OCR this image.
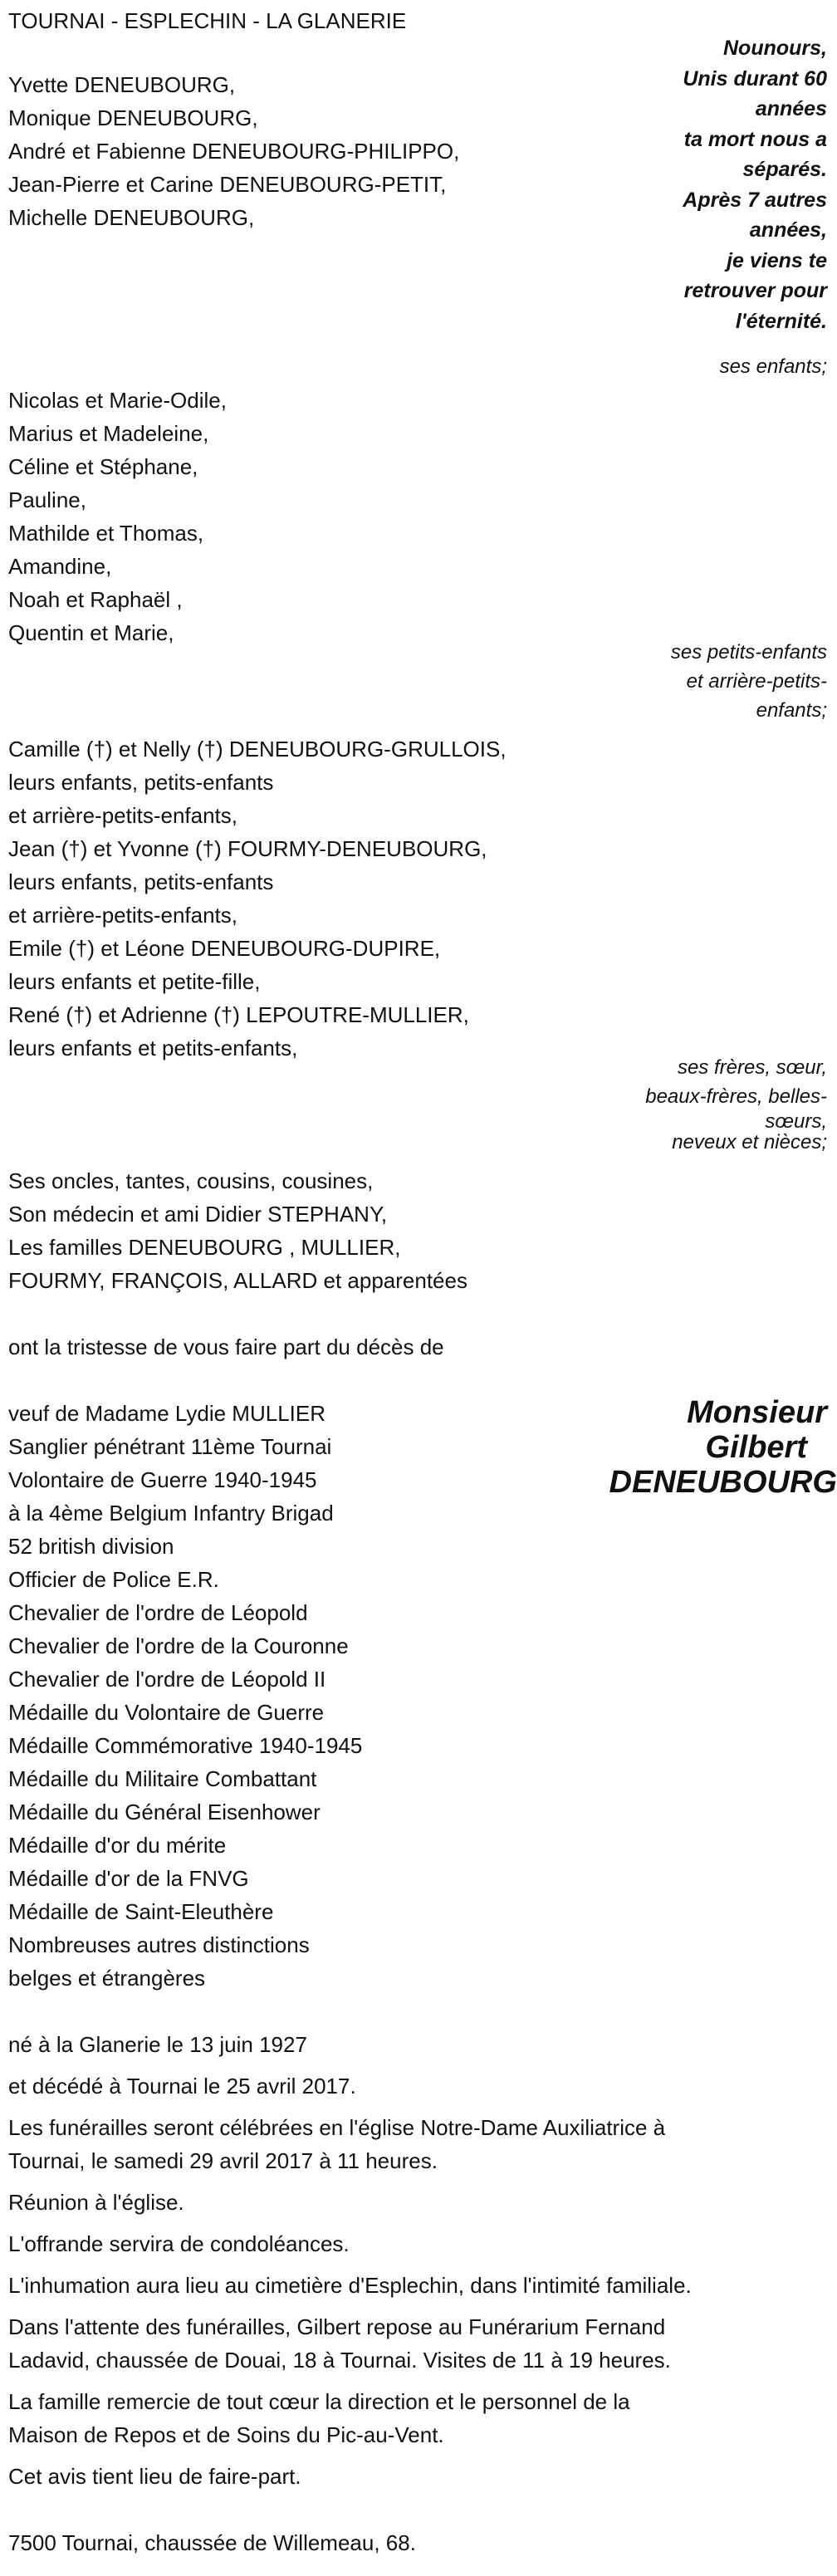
TOURNAI - ESPLECHIN - LA GLANERIE
Nounours,
Unis durant 60
années
ta mort nous a
séparés.
Après 7 autres
années,
je viens te
retrouver pour
l'éternité.
Yvette DENEUBOURG,
Monique DENEUBOURG,
André et Fabienne DENEUBOURG-PHILIPPO,
Jean-Pierre et Carine DENEUBOURG-PETIT,
Michelle DENEUBOURG,
ses enfants;
Nicolas et Marie-Odile,
Marius et Madeleine,
Céline et Stéphane,
Pauline,
Mathilde et Thomas,
Amandine,
Noah et Raphaël ,
Quentin et Marie,
ses petits-enfants
et arrière-petits-
enfants;
Camille (†) et Nelly (†) DENEUBOURG-GRULLOIS,
leurs enfants, petits-enfants
et arrière-petits-enfants,
Jean (†) et Yvonne (†) FOURMY-DENEUBOURG,
leurs enfants, petits-enfants
et arrière-petits-enfants,
Emile (†) et Léone DENEUBOURG-DUPIRE,
leurs enfants et petite-fille,
René (†) et Adrienne (†) LEPOUTRE-MULLIER,
leurs enfants et petits-enfants,
ses frères, sœur,
beaux-frères, belles-
sœurs,
neveux et nièces;
Ses oncles, tantes, cousins, cousines,
Son médecin et ami Didier STEPHANY,
Les familles DENEUBOURG , MULLIER,
FOURMY, FRANÇOIS, ALLARD et apparentées
ont la tristesse de vous faire part du décès de
Monsieur
Gilbert
DENEUBOURG
veuf de Madame Lydie MULLIER
Sanglier pénétrant 11ème Tournai
Volontaire de Guerre 1940-1945
à la 4ème Belgium Infantry Brigad
52 british division
Officier de Police E.R.
Chevalier de l'ordre de Léopold
Chevalier de l'ordre de la Couronne
Chevalier de l'ordre de Léopold II
Médaille du Volontaire de Guerre
Médaille Commémorative 1940-1945
Médaille du Militaire Combattant
Médaille du Général Eisenhower
Médaille d'or du mérite
Médaille d'or de la FNVG
Médaille de Saint-Eleuthère
Nombreuses autres distinctions
belges et étrangères
né à la Glanerie le 13 juin 1927
et décédé à Tournai le 25 avril 2017.
Les funérailles seront célébrées en l'église Notre-Dame Auxiliatrice à
Tournai, le samedi 29 avril 2017 à 11 heures.
Réunion à l'église.
L'offrande servira de condoléances.
L'inhumation aura lieu au cimetière d'Esplechin, dans l'intimité familiale.
Dans l'attente des funérailles, Gilbert repose au Funérarium Fernand
Ladavid, chaussée de Douai, 18 à Tournai. Visites de 11 à 19 heures.
La famille remercie de tout cœur la direction et le personnel de la
Maison de Repos et de Soins du Pic-au-Vent.
Cet avis tient lieu de faire-part.
7500 Tournai, chaussée de Willemeau, 68.
